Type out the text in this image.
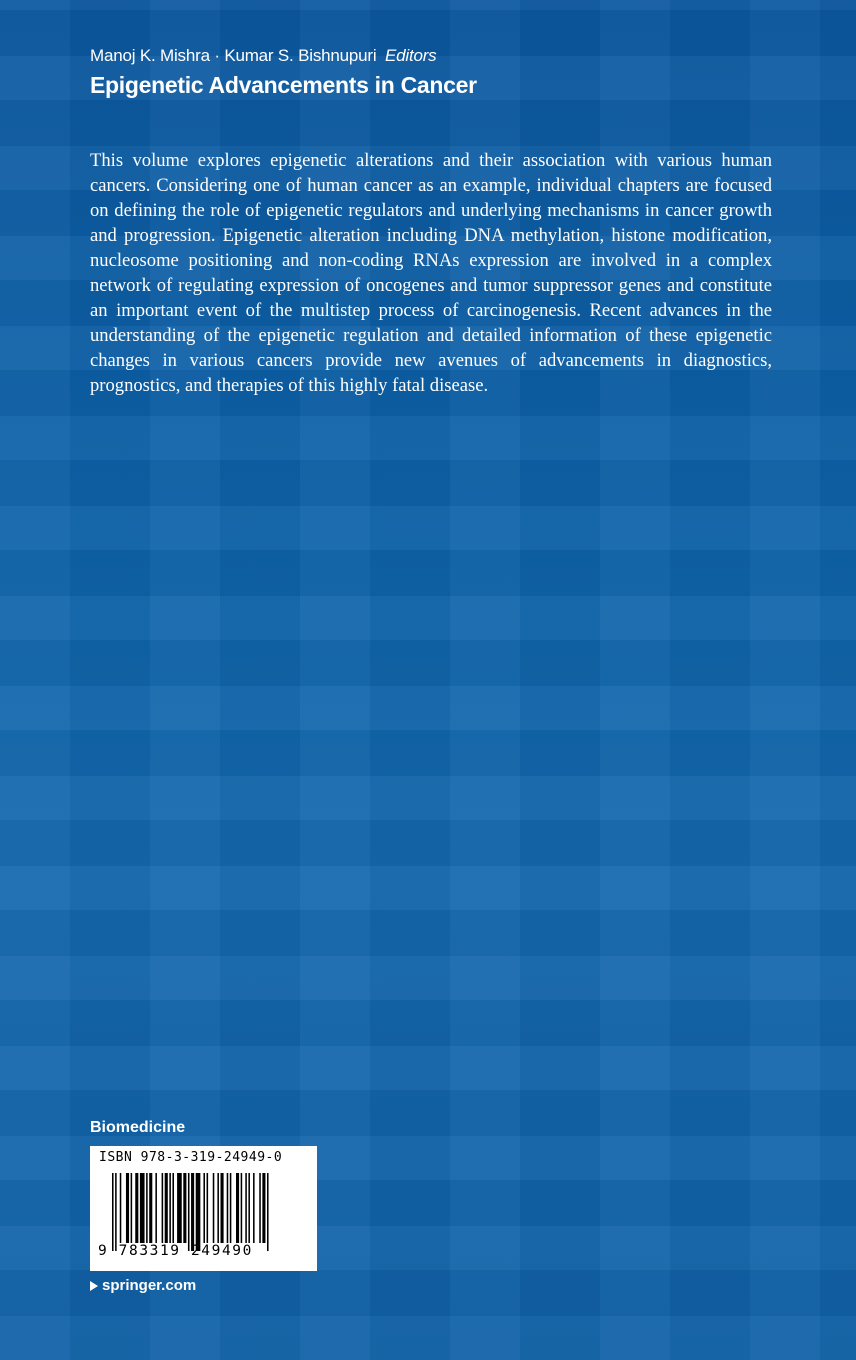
Manoj K. Mishra · Kumar S. Bishnupuri Editors
Epigenetic Advancements in Cancer

This volume explores epigenetic alterations and their association with various human cancers. Considering one of human cancer as an example, individual chapters are focused on defining the role of epigenetic regulators and underlying mechanisms in cancer growth and progression. Epigenetic alteration including DNA methylation, histone modification, nucleosome positioning and non-coding RNAs expression are involved in a complex network of regulating expression of oncogenes and tumor suppressor genes and constitute an important event of the multistep process of carcinogenesis. Recent advances in the understanding of the epigenetic regulation and detailed information of these epigenetic changes in various cancers provide new avenues of advancements in diagnostics, prognostics, and therapies of this highly fatal disease.

Biomedicine
ISBN 978-3-319-24949-0
9 783319 249490
springer.com
